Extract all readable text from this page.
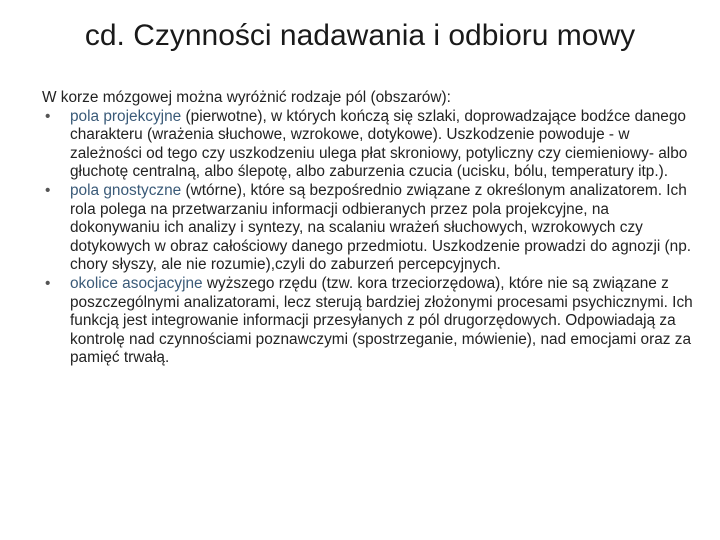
cd. Czynności nadawania i odbioru mowy

W korze mózgowej można wyróżnić rodzaje pól (obszarów):

• pola projekcyjne (pierwotne), w których kończą się szlaki, doprowadzające bodźce danego charakteru (wrażenia słuchowe, wzrokowe, dotykowe). Uszkodzenie powoduje - w zależności od tego czy uszkodzeniu ulega płat skroniowy, potyliczny czy ciemieniowy- albo głuchotę centralną, albo ślepotę, albo zaburzenia czucia (ucisku, bólu, temperatury itp.).
• pola gnostyczne (wtórne), które są bezpośrednio związane z określonym analizatorem. Ich rola polega na przetwarzaniu informacji odbieranych przez pola projekcyjne, na dokonywaniu ich analizy i syntezy, na scalaniu wrażeń słuchowych, wzrokowych czy dotykowych w obraz całościowy danego przedmiotu. Uszkodzenie prowadzi do agnozji (np. chory słyszy, ale nie rozumie),czyli do zaburzeń percepcyjnych.
• okolice asocjacyjne wyższego rzędu (tzw. kora trzeciorzędowa), które nie są związane z poszczególnymi analizatorami, lecz sterują bardziej złożonymi procesami psychicznymi. Ich funkcją jest integrowanie informacji przesyłanych z pól drugorzędowych. Odpowiadają za kontrolę nad czynnościami poznawczymi (spostrzeganie, mówienie), nad emocjami oraz za pamięć trwałą.
